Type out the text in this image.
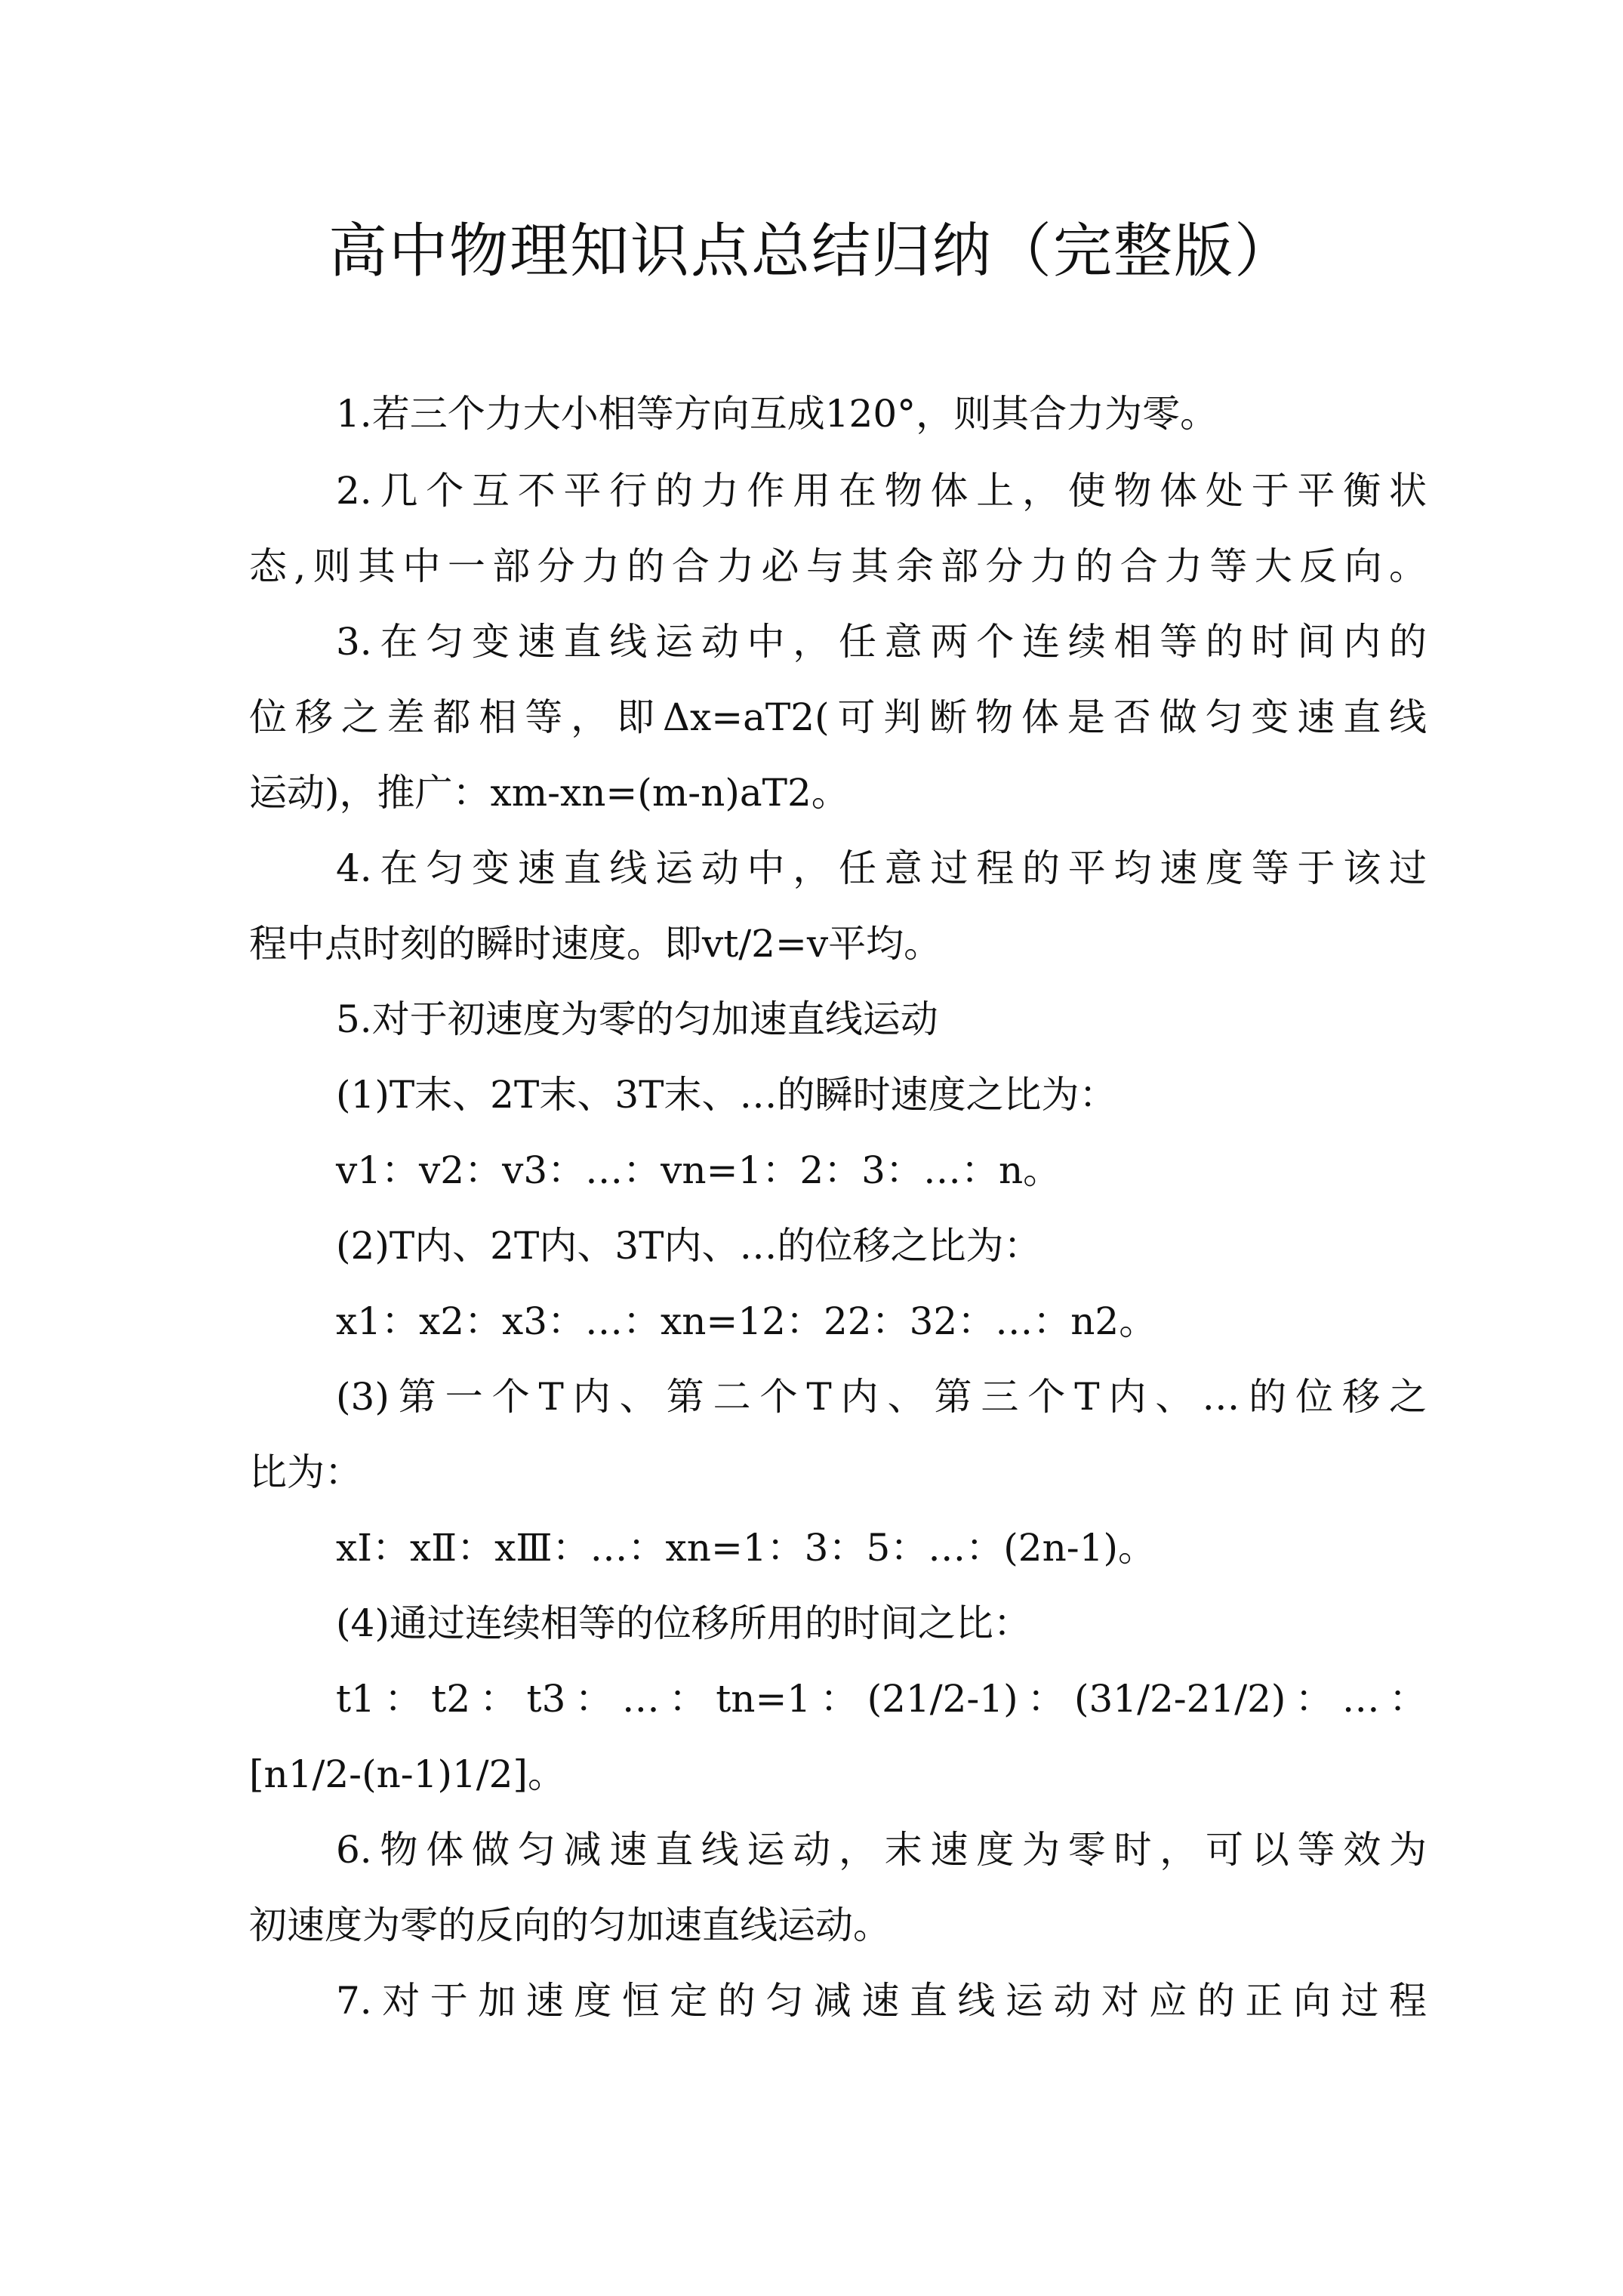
高中物理知识点总结归纳（完整版）
1.若三个力大小相等方向互成120°，则其合力为零。
2.几个互不平行的力作用在物体上，使物体处于平衡状
态,则其中一部分力的合力必与其余部分力的合力等大反向。
3.在匀变速直线运动中，任意两个连续相等的时间内的
位移之差都相等，即Δx=aT2(可判断物体是否做匀变速直线
运动)，推广：xm-xn=(m-n)aT2。
4.在匀变速直线运动中，任意过程的平均速度等于该过
程中点时刻的瞬时速度。即vt/2=v平均。
5.对于初速度为零的匀加速直线运动
(1)T末、2T末、3T末、…的瞬时速度之比为：
v1：v2：v3：…：vn=1：2：3：…：n。
(2)T内、2T内、3T内、…的位移之比为：
x1：x2：x3：…：xn=12：22：32：…：n2。
(3)第一个T内、第二个T内、第三个T内、…的位移之
比为：
xⅠ：xⅡ：xⅢ：…：xn=1：3：5：…：(2n-1)。
(4)通过连续相等的位移所用的时间之比：
t1：t2：t3：…：tn=1：(21/2-1)：(31/2-21/2)：…：
[n1/2-(n-1)1/2]。
6.物体做匀减速直线运动，末速度为零时，可以等效为
初速度为零的反向的匀加速直线运动。
7.对于加速度恒定的匀减速直线运动对应的正向过程
